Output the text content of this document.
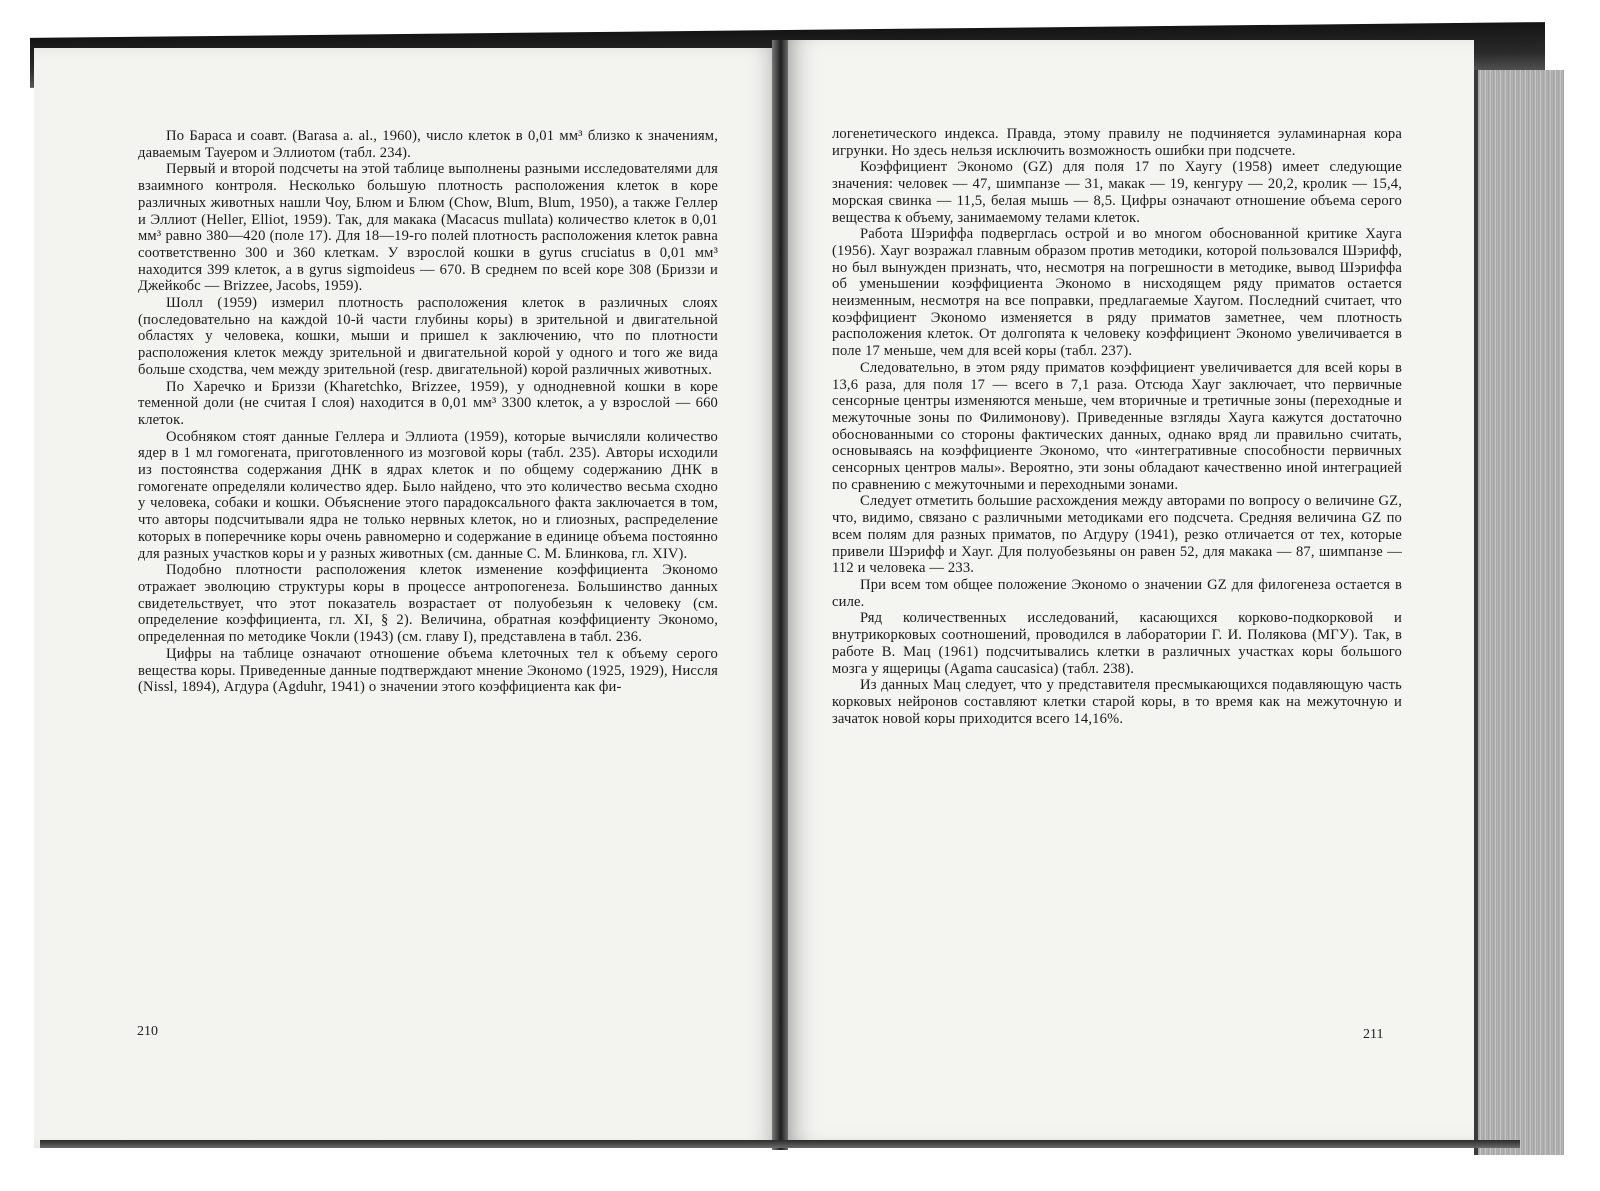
По Бараса и соавт. (Barasa a. al., 1960), число клеток в 0,01 мм³ близко к значениям, даваемым Тауером и Эллиотом (табл. 234).

Первый и второй подсчеты на этой таблице выполнены разными исследователями для взаимного контроля. Несколько большую плотность расположения клеток в коре различных животных нашли Чоу, Блюм и Блюм (Chow, Blum, Blum, 1950), а также Геллер и Эллиот (Heller, Elliot, 1959). Так, для макака (Macacus mullata) количество клеток в 0,01 мм³ равно 380—420 (поле 17). Для 18—19-го полей плотность расположения клеток равна соответственно 300 и 360 клеткам. У взрослой кошки в gyrus cruciatus в 0,01 мм³ находится 399 клеток, а в gyrus sigmoideus — 670. В среднем по всей коре 308 (Бриззи и Джейкобс — Brizzee, Jacobs, 1959).

Шолл (1959) измерил плотность расположения клеток в различных слоях (последовательно на каждой 10-й части глубины коры) в зрительной и двигательной областях у человека, кошки, мыши и пришел к заключению, что по плотности расположения клеток между зрительной и двигательной корой у одного и того же вида больше сходства, чем между зрительной (resp. двигательной) корой различных животных.

По Харечко и Бриззи (Kharetchko, Brizzee, 1959), у однодневной кошки в коре теменной доли (не считая I слоя) находится в 0,01 мм³ 3300 клеток, а у взрослой — 660 клеток.

Особняком стоят данные Геллера и Эллиота (1959), которые вычисляли количество ядер в 1 мл гомогената, приготовленного из мозговой коры (табл. 235). Авторы исходили из постоянства содержания ДНК в ядрах клеток и по общему содержанию ДНК в гомогенате определяли количество ядер. Было найдено, что это количество весьма сходно у человека, собаки и кошки. Объяснение этого парадоксального факта заключается в том, что авторы подсчитывали ядра не только нервных клеток, но и глиозных, распределение которых в поперечнике коры очень равномерно и содержание в единице объема постоянно для разных участков коры и у разных животных (см. данные С. М. Блинкова, гл. XIV).

Подобно плотности расположения клеток изменение коэффициента Экономо отражает эволюцию структуры коры в процессе антропогенеза. Большинство данных свидетельствует, что этот показатель возрастает от полуобезьян к человеку (см. определение коэффициента, гл. XI, § 2). Величина, обратная коэффициенту Экономо, определенная по методике Чокли (1943) (см. главу I), представлена в табл. 236.

Цифры на таблице означают отношение объема клеточных тел к объему серого вещества коры. Приведенные данные подтверждают мнение Экономо (1925, 1929), Ниссля (Nissl, 1894), Агдура (Agduhr, 1941) о значении этого коэффициента как фи-

210

логенетического индекса. Правда, этому правилу не подчиняется эуламинарная кора игрунки. Но здесь нельзя исключить возможность ошибки при подсчете.

Коэффициент Экономо (GZ) для поля 17 по Хаугу (1958) имеет следующие значения: человек — 47, шимпанзе — 31, макак — 19, кенгуру — 20,2, кролик — 15,4, морская свинка — 11,5, белая мышь — 8,5. Цифры означают отношение объема серого вещества к объему, занимаемому телами клеток.

Работа Шэриффа подверглась острой и во многом обоснованной критике Хауга (1956). Хауг возражал главным образом против методики, которой пользовался Шэрифф, но был вынужден признать, что, несмотря на погрешности в методике, вывод Шэриффа об уменьшении коэффициента Экономо в нисходящем ряду приматов остается неизменным, несмотря на все поправки, предлагаемые Хаугом. Последний считает, что коэффициент Экономо изменяется в ряду приматов заметнее, чем плотность расположения клеток. От долгопята к человеку коэффициент Экономо увеличивается в поле 17 меньше, чем для всей коры (табл. 237).

Следовательно, в этом ряду приматов коэффициент увеличивается для всей коры в 13,6 раза, для поля 17 — всего в 7,1 раза. Отсюда Хауг заключает, что первичные сенсорные центры изменяются меньше, чем вторичные и третичные зоны (переходные и межуточные зоны по Филимонову). Приведенные взгляды Хауга кажутся достаточно обоснованными со стороны фактических данных, однако вряд ли правильно считать, основываясь на коэффициенте Экономо, что «интегративные способности первичных сенсорных центров малы». Вероятно, эти зоны обладают качественно иной интеграцией по сравнению с межуточными и переходными зонами.

Следует отметить большие расхождения между авторами по вопросу о величине GZ, что, видимо, связано с различными методиками его подсчета. Средняя величина GZ по всем полям для разных приматов, по Агдуру (1941), резко отличается от тех, которые привели Шэрифф и Хауг. Для полуобезьяны он равен 52, для макака — 87, шимпанзе — 112 и человека — 233.

При всем том общее положение Экономо о значении GZ для филогенеза остается в силе.

Ряд количественных исследований, касающихся корково-подкорковой и внутрикорковых соотношений, проводился в лаборатории Г. И. Полякова (МГУ). Так, в работе В. Мац (1961) подсчитывались клетки в различных участках коры большого мозга у ящерицы (Agama caucasica) (табл. 238).

Из данных Мац следует, что у представителя пресмыкающихся подавляющую часть корковых нейронов составляют клетки старой коры, в то время как на межуточную и зачаток новой коры приходится всего 14,16%.

211
